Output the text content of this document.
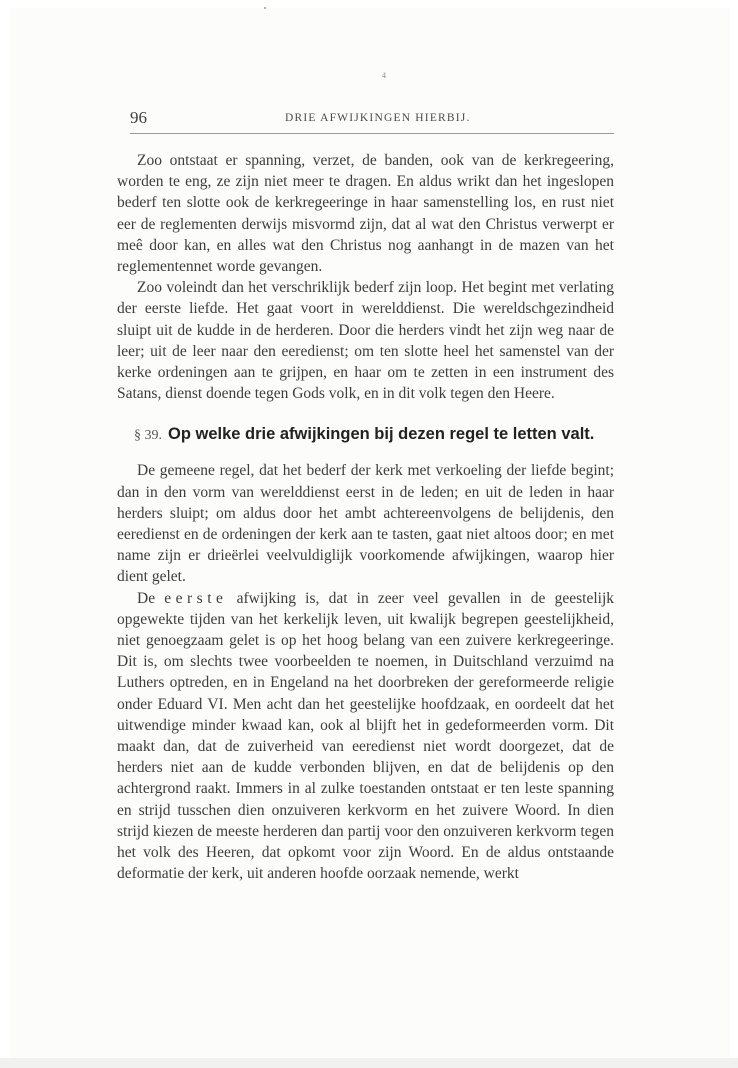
4
96	DRIE AFWIJKINGEN HIERBIJ.

Zoo ontstaat er spanning, verzet, de banden, ook van de kerkregeering, worden te eng, ze zijn niet meer te dragen. En aldus wrikt dan het ingeslopen bederf ten slotte ook de kerkregeeringe in haar samenstelling los, en rust niet eer de reglementen derwijs misvormd zijn, dat al wat den Christus verwerpt er meê door kan, en alles wat den Christus nog aanhangt in de mazen van het reglementennet worde gevangen.

Zoo voleindt dan het verschriklijk bederf zijn loop. Het begint met verlating der eerste liefde. Het gaat voort in werelddienst. Die wereldschgezindheid sluipt uit de kudde in de herderen. Door die herders vindt het zijn weg naar de leer; uit de leer naar den eeredienst; om ten slotte heel het samenstel van der kerke ordeningen aan te grijpen, en haar om te zetten in een instrument des Satans, dienst doende tegen Gods volk, en in dit volk tegen den Heere.

§ 39. Op welke drie afwijkingen bij dezen regel te letten valt.

De gemeene regel, dat het bederf der kerk met verkoeling der liefde begint; dan in den vorm van werelddienst eerst in de leden; en uit de leden in haar herders sluipt; om aldus door het ambt achtereenvolgens de belijdenis, den eeredienst en de ordeningen der kerk aan te tasten, gaat niet altoos door; en met name zijn er drieërlei veelvuldiglijk voorkomende afwijkingen, waarop hier dient gelet.

De eerste afwijking is, dat in zeer veel gevallen in de geestelijk opgewekte tijden van het kerkelijk leven, uit kwalijk begrepen geestelijkheid, niet genoegzaam gelet is op het hoog belang van een zuivere kerkregeeringe. Dit is, om slechts twee voorbeelden te noemen, in Duitschland verzuimd na Luthers optreden, en in Engeland na het doorbreken der gereformeerde religie onder Eduard VI. Men acht dan het geestelijke hoofdzaak, en oordeelt dat het uitwendige minder kwaad kan, ook al blijft het in gedeformeerden vorm. Dit maakt dan, dat de zuiverheid van eeredienst niet wordt doorgezet, dat de herders niet aan de kudde verbonden blijven, en dat de belijdenis op den achtergrond raakt. Immers in al zulke toestanden ontstaat er ten leste spanning en strijd tusschen dien onzuiveren kerkvorm en het zuivere Woord. In dien strijd kiezen de meeste herderen dan partij voor den onzuiveren kerkvorm tegen het volk des Heeren, dat opkomt voor zijn Woord. En de aldus ontstaande deformatie der kerk, uit anderen hoofde oorzaak nemende, werkt
